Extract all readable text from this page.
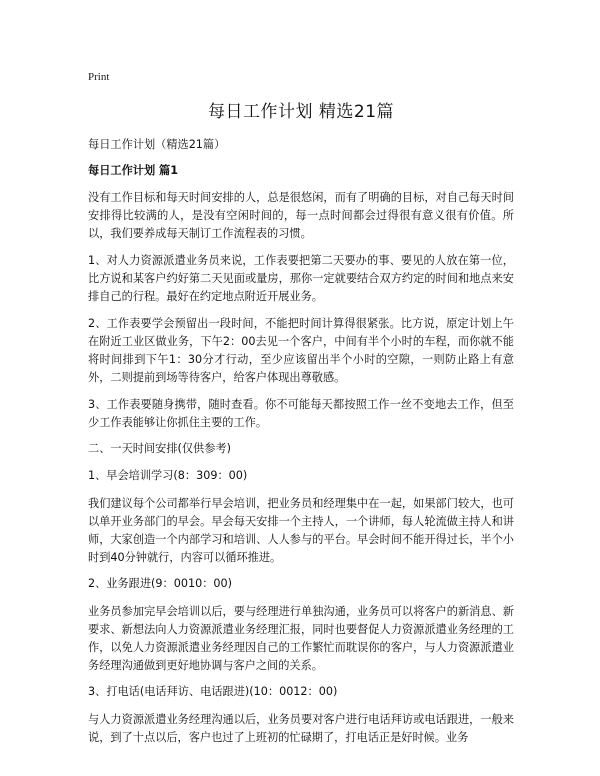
Print
每日工作计划 精选21篇
每日工作计划（精选21篇）
每日工作计划 篇1

没有工作目标和每天时间安排的人，总是很悠闲，而有了明确的目标，对自己每天时间安排得比较满的人，是没有空闲时间的，每一点时间都会过得很有意义很有价值。所以，我们要养成每天制订工作流程表的习惯。

1、对人力资源派遣业务员来说，工作表要把第二天要办的事、要见的人放在第一位，比方说和某客户约好第二天见面或量房，那你一定就要结合双方约定的时间和地点来安排自己的行程。最好在约定地点附近开展业务。

2、工作表要学会预留出一段时间，不能把时间计算得很紧张。比方说，原定计划上午在附近工业区做业务，下午2：00去见一个客户，中间有半个小时的车程，而你就不能将时间排到下午1：30分才行动，至少应该留出半个小时的空隙，一则防止路上有意外，二则提前到场等待客户，给客户体现出尊敬感。

3、工作表要随身携带，随时查看。你不可能每天都按照工作一丝不变地去工作，但至少工作表能够让你抓住主要的工作。

二、一天时间安排(仅供参考)
1、早会培训学习(8：309：00)

我们建议每个公司都举行早会培训，把业务员和经理集中在一起，如果部门较大，也可以单开业务部门的早会。早会每天安排一个主持人，一个讲师，每人轮流做主持人和讲师，大家创造一个内部学习和培训、人人参与的平台。早会时间不能开得过长，半个小时到40分钟就行，内容可以循环推进。

2、业务跟进(9：0010：00)

业务员参加完早会培训以后，要与经理进行单独沟通，业务员可以将客户的新消息、新要求、新想法向人力资源派遣业务经理汇报，同时也要督促人力资源派遣业务经理的工作，以免人力资源派遣业务经理因自己的工作繁忙而耽误你的客户，与人力资源派遣业务经理沟通做到更好地协调与客户之间的关系。

3、打电话(电话拜访、电话跟进)(10：0012：00)

与人力资源派遣业务经理沟通以后，业务员要对客户进行电话拜访或电话跟进，一般来说，到了十点以后，客户也过了上班初的忙碌期了，打电话正是好时候。业务
